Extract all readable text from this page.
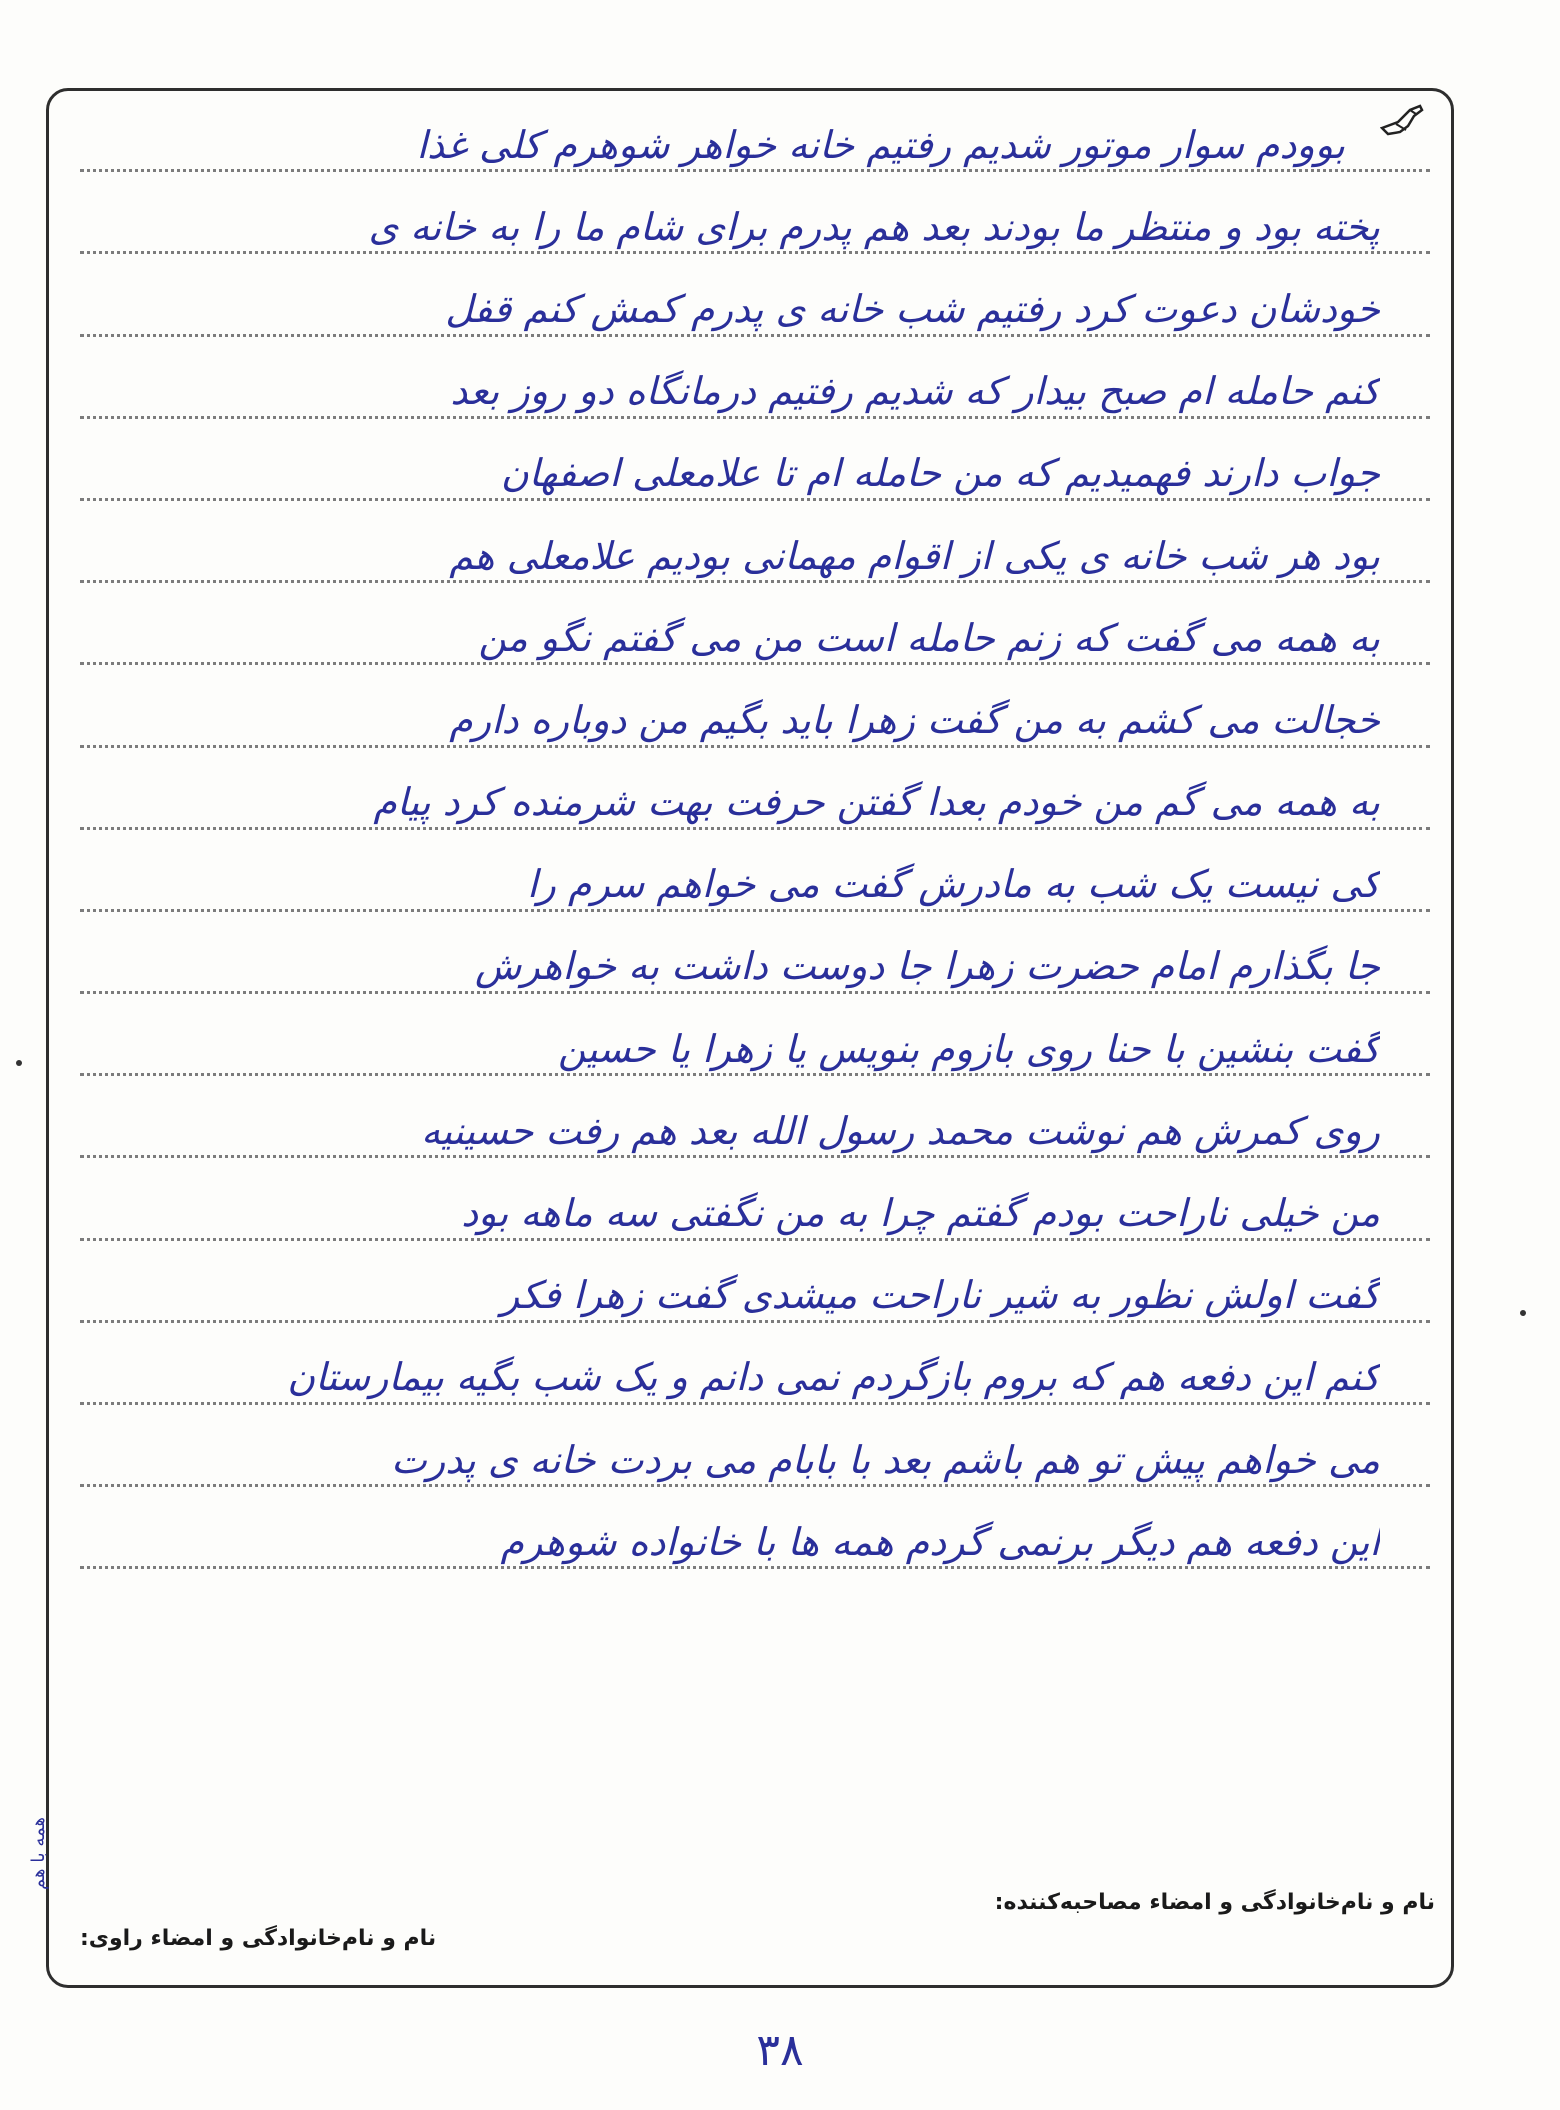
بوودم سوار موتور شدیم رفتیم خانه خواهر شوهرم کلی غذا
پخته بود و منتظر ما بودند بعد هم پدرم برای شام ما را به خانه ی
خودشان دعوت کرد رفتیم شب خانه ی پدرم کمش کنم قفل
کنم حامله ام صبح بیدار که شدیم رفتیم درمانگاه دو روز بعد
جواب دارند فهمیدیم که من حامله ام تا علامعلی اصفهان
بود هر شب خانه ی یکی از اقوام مهمانی بودیم علامعلی هم
به همه می گفت که زنم حامله است من می گفتم نگو من
خجالت می کشم به من گفت زهرا باید بگیم من دوباره دارم
به همه می گم من خودم بعدا گفتن حرفت بهت شرمنده کرد پیام
کی نیست یک شب به مادرش گفت می خواهم سرم را
جا بگذارم امام حضرت زهرا جا دوست داشت به خواهرش
گفت بنشین با حنا روی بازوم بنویس یا زهرا یا حسین
روی کمرش هم نوشت محمد رسول الله بعد هم رفت حسینیه
من خیلی ناراحت بودم گفتم چرا به من نگفتی سه ماهه بود
گفت اولش نظور به شیر ناراحت میشدی گفت زهرا فکر
کنم این دفعه هم که بروم بازگردم نمی دانم و یک شب بگیه بیمارستان
می خواهم پیش تو هم باشم بعد با بابام می بردت خانه ی پدرت
این دفعه هم دیگر برنمی گردم همه ها با خانواده شوهرم
همه با هم
نام و نام‌خانوادگی و امضاء مصاحبه‌کننده:
نام و نام‌خانوادگی و امضاء راوی:
۳۸
